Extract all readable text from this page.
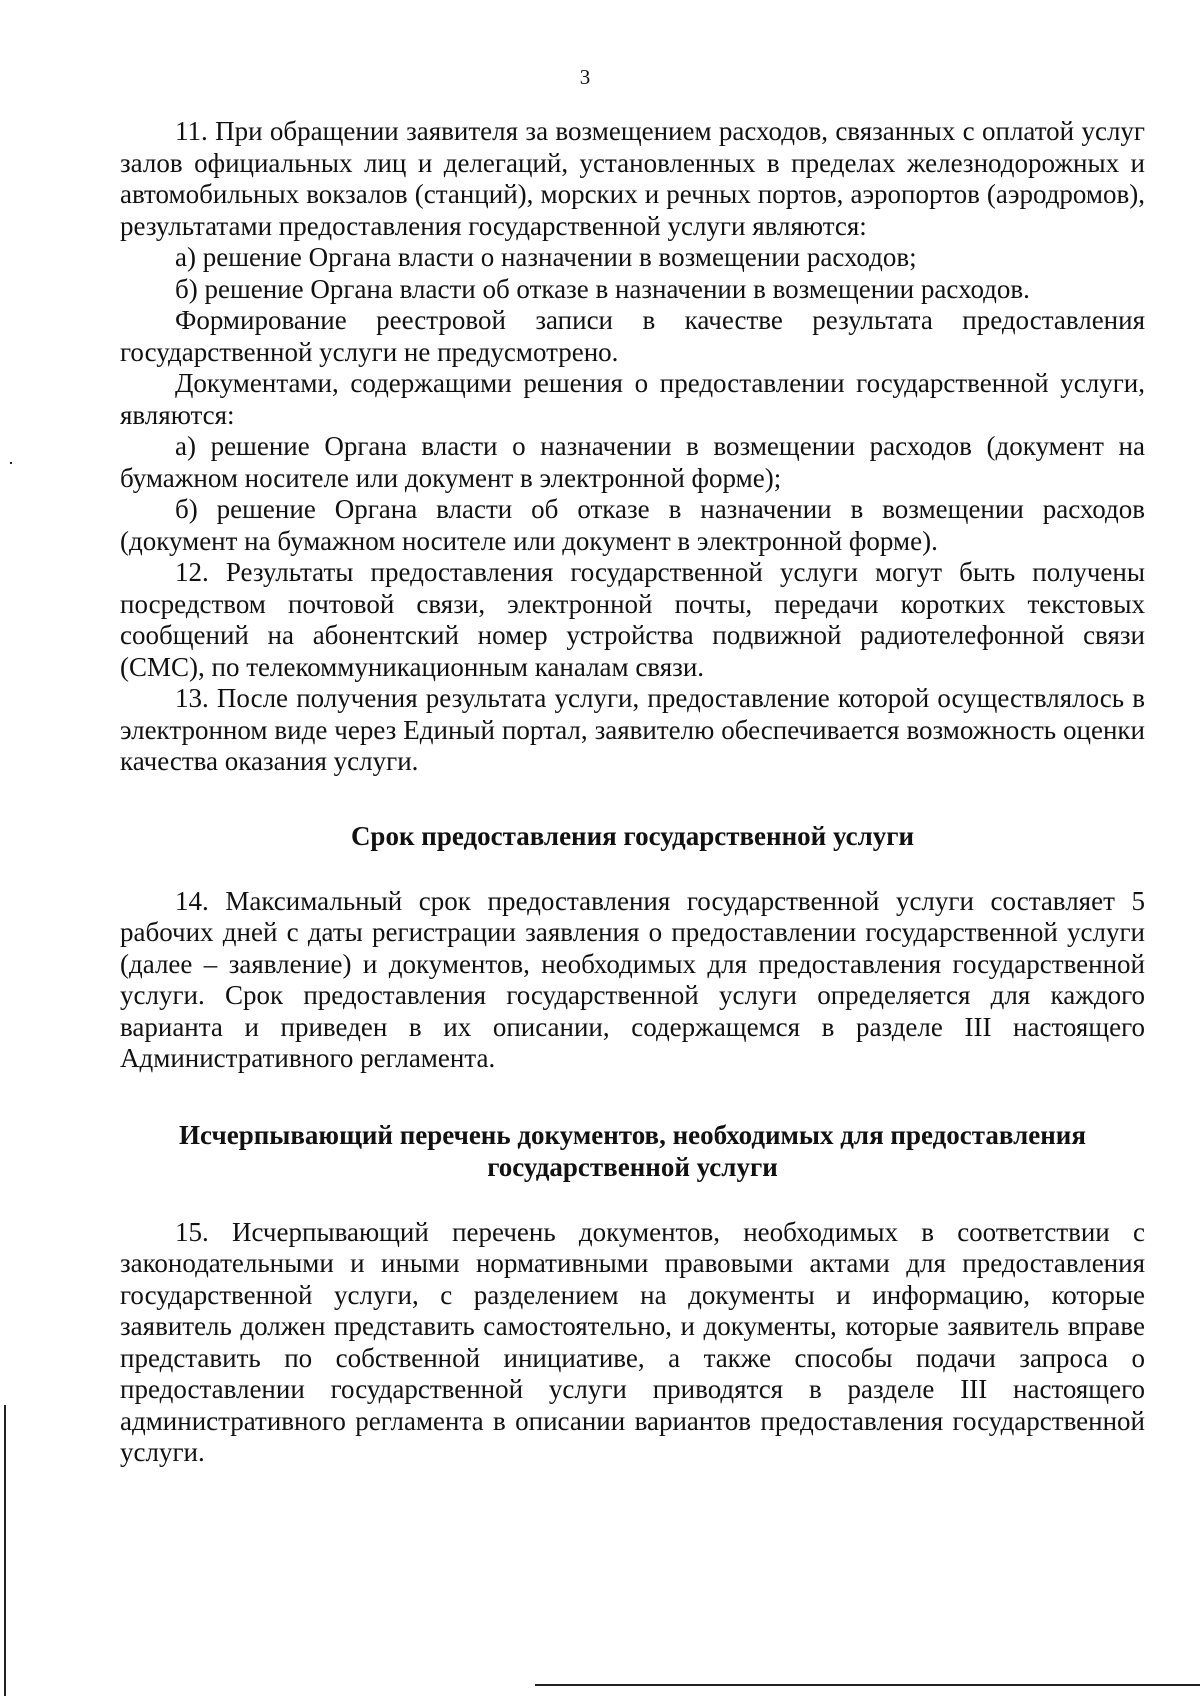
3

11. При обращении заявителя за возмещением расходов, связанных с оплатой услуг залов официальных лиц и делегаций, установленных в пределах железнодорожных и автомобильных вокзалов (станций), морских и речных портов, аэропортов (аэродромов), результатами предоставления государственной услуги являются:

а) решение Органа власти о назначении в возмещении расходов;

б) решение Органа власти об отказе в назначении в возмещении расходов.

Формирование реестровой записи в качестве результата предоставления государственной услуги не предусмотрено.

Документами, содержащими решения о предоставлении государственной услуги, являются:

а) решение Органа власти о назначении в возмещении расходов (документ на бумажном носителе или документ в электронной форме);

б) решение Органа власти об отказе в назначении в возмещении расходов (документ на бумажном носителе или документ в электронной форме).

12. Результаты предоставления государственной услуги могут быть получены посредством почтовой связи, электронной почты, передачи коротких текстовых сообщений на абонентский номер устройства подвижной радиотелефонной связи (СМС), по телекоммуникационным каналам связи.

13. После получения результата услуги, предоставление которой осуществлялось в электронном виде через Единый портал, заявителю обеспечивается возможность оценки качества оказания услуги.

Срок предоставления государственной услуги

14. Максимальный срок предоставления государственной услуги составляет 5 рабочих дней с даты регистрации заявления о предоставлении государственной услуги (далее – заявление) и документов, необходимых для предоставления государственной услуги. Срок предоставления государственной услуги определяется для каждого варианта и приведен в их описании, содержащемся в разделе III настоящего Административного регламента.

Исчерпывающий перечень документов, необходимых для предоставления
государственной услуги

15. Исчерпывающий перечень документов, необходимых в соответствии с законодательными и иными нормативными правовыми актами для предоставления государственной услуги, с разделением на документы и информацию, которые заявитель должен представить самостоятельно, и документы, которые заявитель вправе представить по собственной инициативе, а также способы подачи запроса о предоставлении государственной услуги приводятся в разделе III настоящего административного регламента в описании вариантов предоставления государственной услуги.
